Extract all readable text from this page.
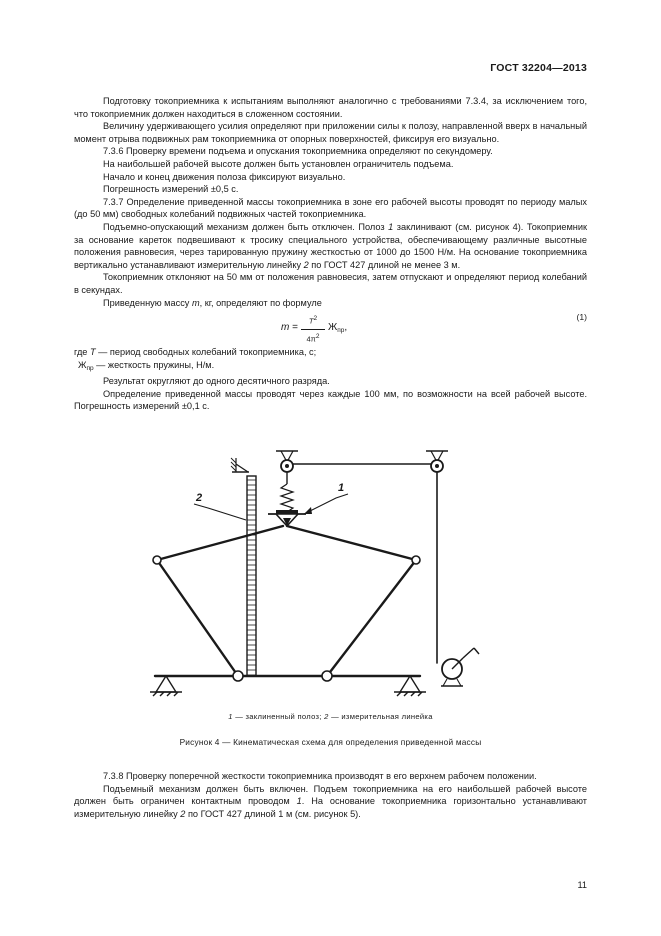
ГОСТ 32204—2013

Подготовку токоприемника к испытаниям выполняют аналогично с требованиями 7.3.4, за исключением того, что токоприемник должен находиться в сложенном состоянии.

Величину удерживающего усилия определяют при приложении силы к полозу, направленной вверх в начальный момент отрыва подвижных рам токоприемника от опорных поверхностей, фиксируя его визуально.

7.3.6 Проверку времени подъема и опускания токоприемника определяют по секундомеру.

На наибольшей рабочей высоте должен быть установлен ограничитель подъема.

Начало и конец движения полоза фиксируют визуально.

Погрешность измерений ±0,5 с.

7.3.7 Определение приведенной массы токоприемника в зоне его рабочей высоты проводят по периоду малых (до 50 мм) свободных колебаний подвижных частей токоприемника.

Подъемно-опускающий механизм должен быть отключен. Полоз 1 заклинивают (см. рисунок 4). Токоприемник за основание кареток подвешивают к тросику специального устройства, обеспечивающему различные высотные положения равновесия, через тарированную пружину жесткостью от 1000 до 1500 Н/м. На основание токоприемника вертикально устанавливают измерительную линейку 2 по ГОСТ 427 длиной не менее 3 м.

Токоприемник отклоняют на 50 мм от положения равновесия, затем отпускают и определяют период колебаний в секундах.

Приведенную массу m, кг, определяют по формуле

$m = \frac{T^2}{4\pi^2} Ж_{пр}$,
(1)

где T — период свободных колебаний токоприемника, с;

$Ж_{пр}$ — жесткость пружины, Н/м.

Результат округляют до одного десятичного разряда.

Определение приведенной массы проводят через каждые 100 мм, по возможности на всей рабочей высоте. Погрешность измерений ±0,1 с.

2
1
1 — заклиненный полоз; 2 — измерительная линейка
Рисунок 4 — Кинематическая схема для определения приведенной массы

7.3.8 Проверку поперечной жесткости токоприемника производят в его верхнем рабочем положении.

Подъемный механизм должен быть включен. Подъем токоприемника на его наибольшей рабочей высоте должен быть ограничен контактным проводом 1. На основание токоприемника горизонтально устанавливают измерительную линейку 2 по ГОСТ 427 длиной 1 м (см. рисунок 5).

11
